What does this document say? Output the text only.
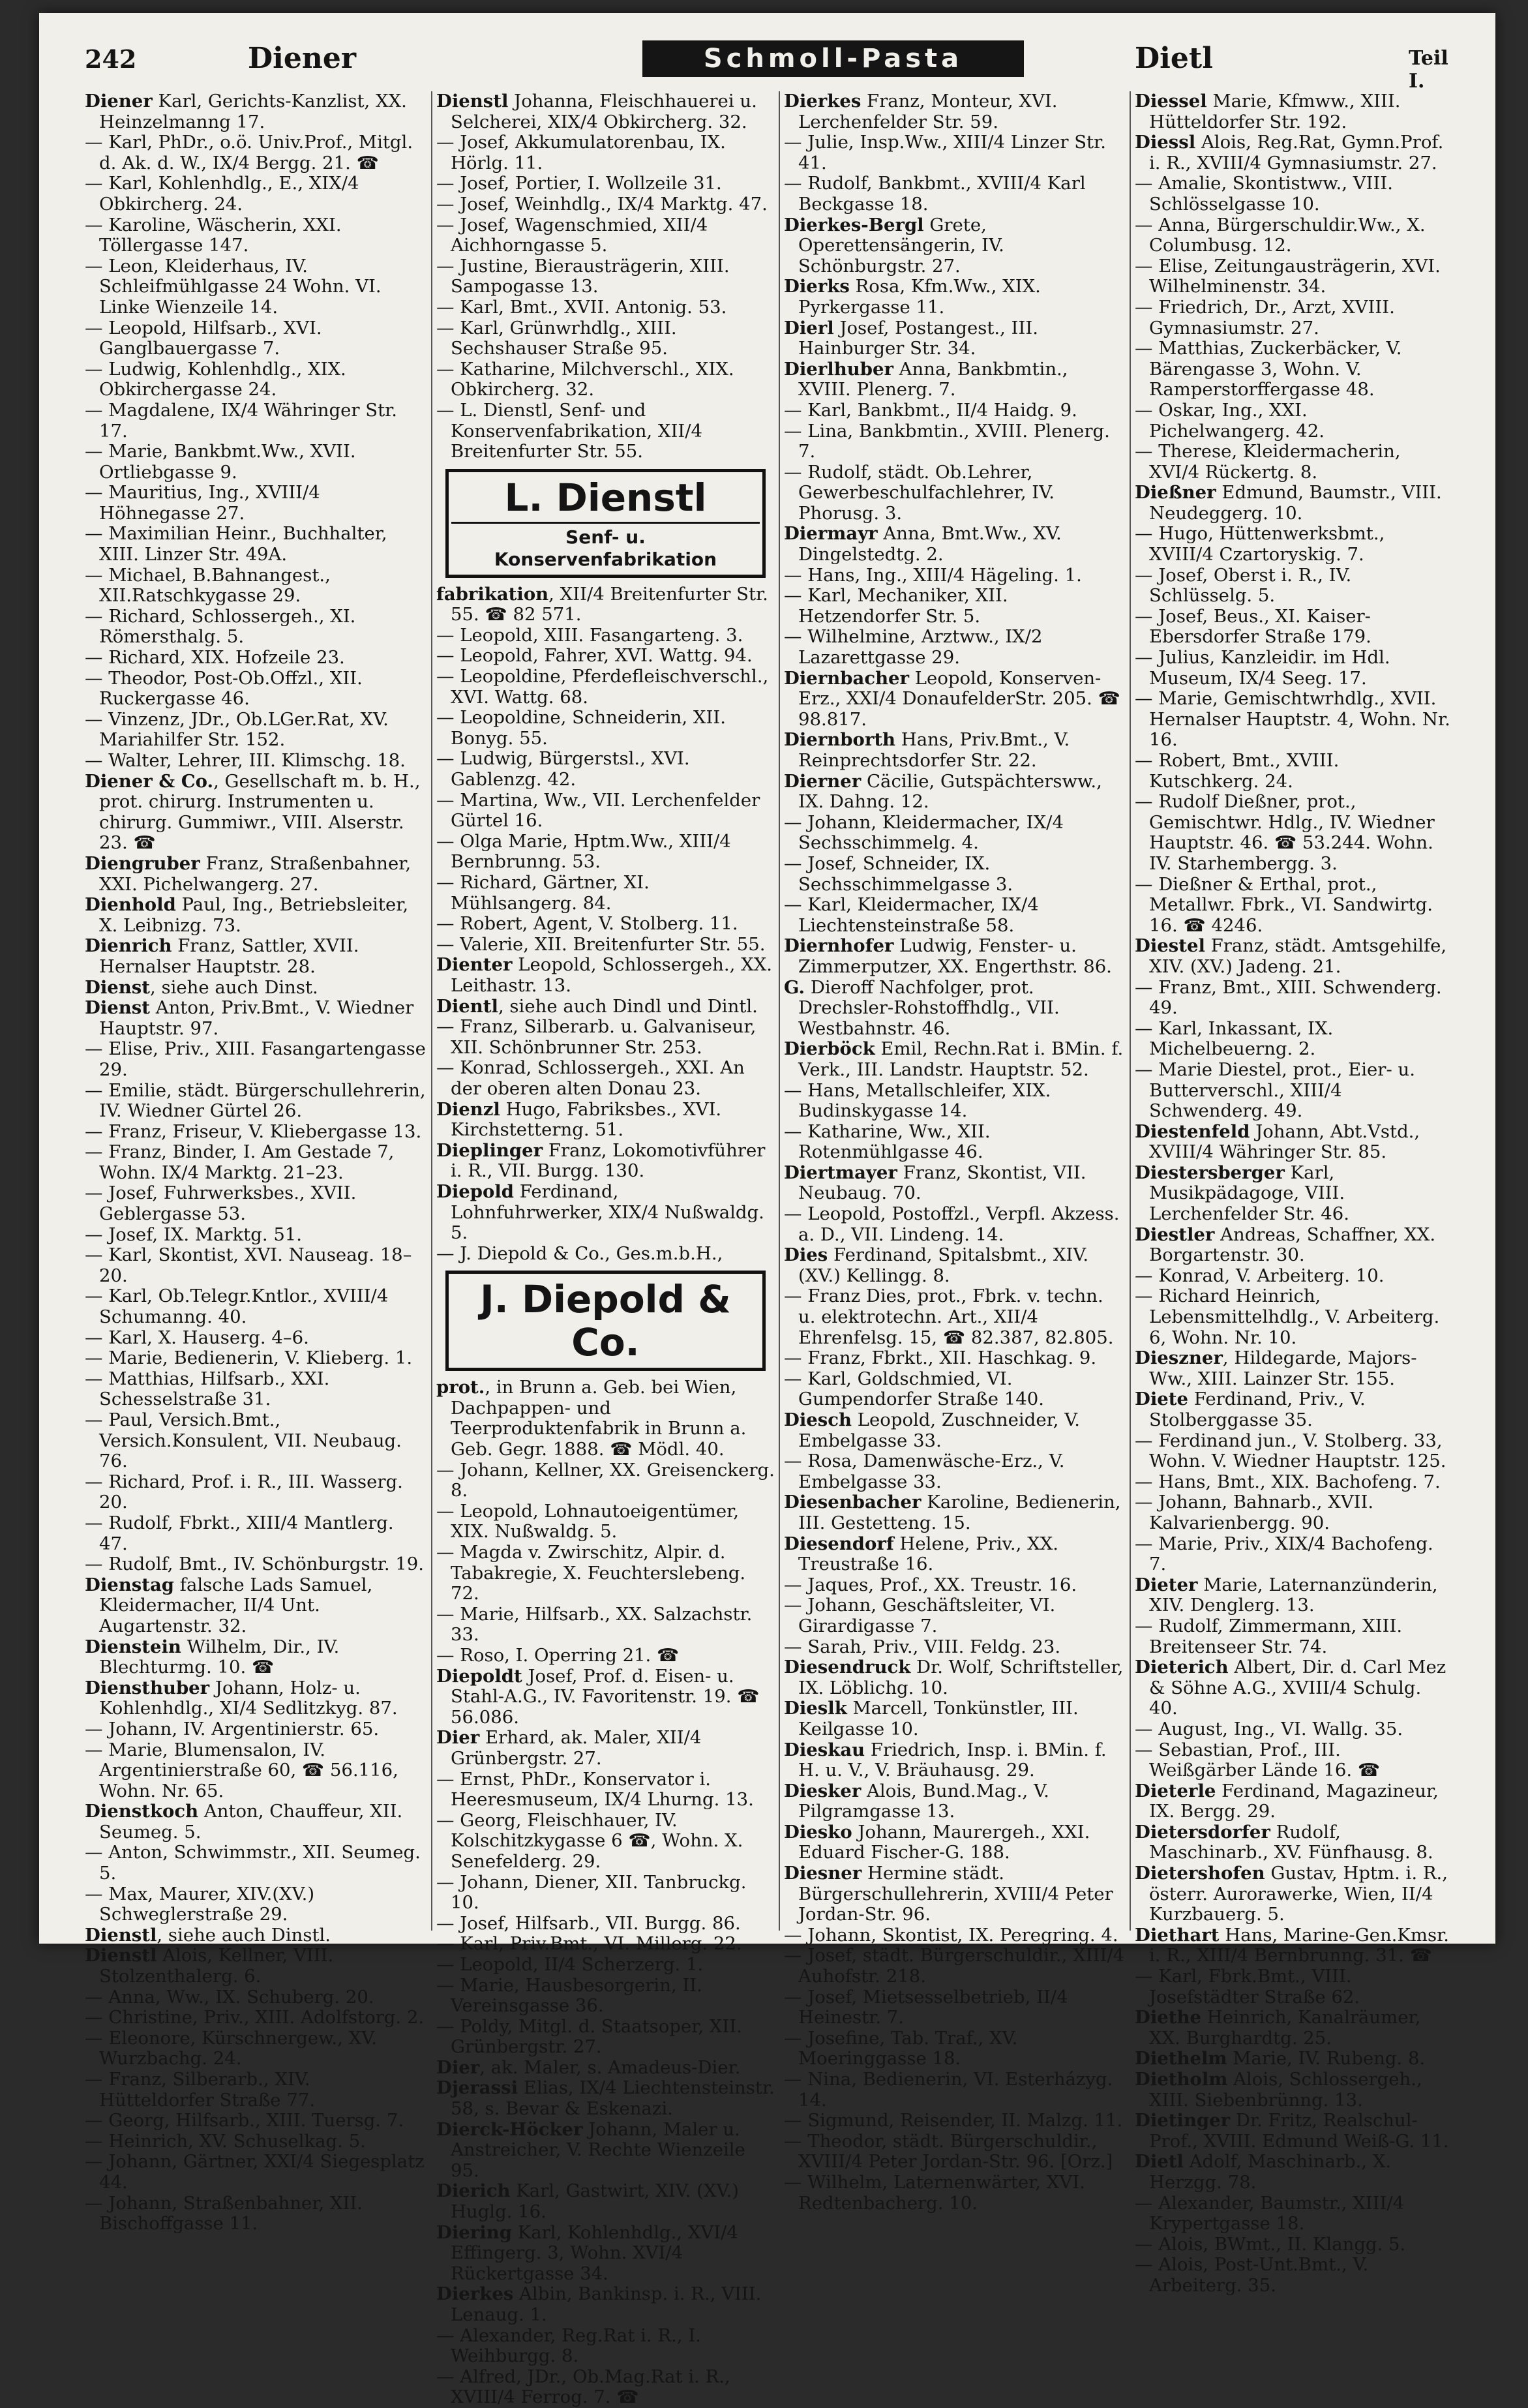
242	Diener	Schmoll-Pasta	Dietl	Teil I.

Diener Karl, Gerichts-Kanzlist, XX. Heinzelmanng 17.

— Karl, PhDr., o.ö. Univ.Prof., Mitgl. d. Ak. d. W., IX/4 Bergg. 21. ☎

— Karl, Kohlenhdlg., E., XIX/4 Obkircherg. 24.

— Karoline, Wäscherin, XXI. Töllergasse 147.

— Leon, Kleiderhaus, IV. Schleifmühlgasse 24 Wohn. VI. Linke Wienzeile 14.

— Leopold, Hilfsarb., XVI. Ganglbauergasse 7.

— Ludwig, Kohlenhdlg., XIX. Obkirchergasse 24.

— Magdalene, IX/4 Währinger Str. 17.

— Marie, Bankbmt.Ww., XVII. Ortliebgasse 9.

— Mauritius, Ing., XVIII/4 Höhnegasse 27.

— Maximilian Heinr., Buchhalter, XIII. Linzer Str. 49A.

— Michael, B.Bahnangest., XII.Ratschkygasse 29.

— Richard, Schlossergeh., XI. Römersthalg. 5.

— Richard, XIX. Hofzeile 23.

— Theodor, Post-Ob.Offzl., XII. Ruckergasse 46.

— Vinzenz, JDr., Ob.LGer.Rat, XV. Mariahilfer Str. 152.

— Walter, Lehrer, III. Klimschg. 18.

Diener & Co., Gesellschaft m. b. H., prot. chirurg. Instrumenten u. chirurg. Gummiwr., VIII. Alserstr. 23. ☎

Diengruber Franz, Straßenbahner, XXI. Pichelwangerg. 27.

Dienhold Paul, Ing., Betriebsleiter, X. Leibnizg. 73.

Dienrich Franz, Sattler, XVII. Hernalser Hauptstr. 28.

Dienst, siehe auch Dinst.

Dienst Anton, Priv.Bmt., V. Wiedner Hauptstr. 97.

— Elise, Priv., XIII. Fasangartengasse 29.

— Emilie, städt. Bürgerschullehrerin, IV. Wiedner Gürtel 26.

— Franz, Friseur, V. Kliebergasse 13.

— Franz, Binder, I. Am Gestade 7, Wohn. IX/4 Marktg. 21–23.

— Josef, Fuhrwerksbes., XVII. Geblergasse 53.

— Josef, IX. Marktg. 51.

— Karl, Skontist, XVI. Nauseag. 18–20.

— Karl, Ob.Telegr.Kntlor., XVIII/4 Schumanng. 40.

— Karl, X. Hauserg. 4–6.

— Marie, Bedienerin, V. Klieberg. 1.

— Matthias, Hilfsarb., XXI. Schesselstraße 31.

— Paul, Versich.Bmt., Versich.Konsulent, VII. Neubaug. 76.

— Richard, Prof. i. R., III. Wasserg. 20.

— Rudolf, Fbrkt., XIII/4 Mantlerg. 47.

— Rudolf, Bmt., IV. Schönburgstr. 19.

Dienstag falsche Lads Samuel, Kleidermacher, II/4 Unt. Augartenstr. 32.

Dienstein Wilhelm, Dir., IV. Blechturmg. 10. ☎

Diensthuber Johann, Holz- u. Kohlenhdlg., XI/4 Sedlitzkyg. 87.

— Johann, IV. Argentinierstr. 65.

— Marie, Blumensalon, IV. Argentinierstraße 60, ☎ 56.116, Wohn. Nr. 65.

Dienstkoch Anton, Chauffeur, XII. Seumeg. 5.

— Anton, Schwimmstr., XII. Seumeg. 5.

— Max, Maurer, XIV.(XV.) Schweglerstraße 29.

Dienstl, siehe auch Dinstl.

Dienstl Alois, Kellner, VIII. Stolzenthalerg. 6.

— Anna, Ww., IX. Schuberg. 20.

— Christine, Priv., XIII. Adolfstorg. 2.

— Eleonore, Kürschnergew., XV. Wurzbachg. 24.

— Franz, Silberarb., XIV. Hütteldorfer Straße 77.

— Georg, Hilfsarb., XIII. Tuersg. 7.

— Heinrich, XV. Schuselkag. 5.

— Johann, Gärtner, XXI/4 Siegesplatz 44.

— Johann, Straßenbahner, XII. Bischoffgasse 11.

Dienstl Johanna, Fleischhauerei u. Selcherei, XIX/4 Obkircherg. 32.

— Josef, Akkumulatorenbau, IX. Hörlg. 11.

— Josef, Portier, I. Wollzeile 31.

— Josef, Weinhdlg., IX/4 Marktg. 47.

— Josef, Wagenschmied, XII/4 Aichhorngasse 5.

— Justine, Bierausträgerin, XIII. Sampogasse 13.

— Karl, Bmt., XVII. Antonig. 53.

— Karl, Grünwrhdlg., XIII. Sechshauser Straße 95.

— Katharine, Milchverschl., XIX. Obkircherg. 32.

— L. Dienstl, Senf- und Konservenfabrikation, XII/4 Breitenfurter Str. 55.

L. Dienstl
Senf- u. Konservenfabrikation

fabrikation, XII/4 Breitenfurter Str. 55. ☎ 82 571.

— Leopold, XIII. Fasangarteng. 3.

— Leopold, Fahrer, XVI. Wattg. 94.

— Leopoldine, Pferdefleischverschl., XVI. Wattg. 68.

— Leopoldine, Schneiderin, XII. Bonyg. 55.

— Ludwig, Bürgerstsl., XVI. Gablenzg. 42.

— Martina, Ww., VII. Lerchenfelder Gürtel 16.

— Olga Marie, Hptm.Ww., XIII/4 Bernbrunng. 53.

— Richard, Gärtner, XI. Mühlsangerg. 84.

— Robert, Agent, V. Stolberg. 11.

— Valerie, XII. Breitenfurter Str. 55.

Dienter Leopold, Schlossergeh., XX. Leithastr. 13.

Dientl, siehe auch Dindl und Dintl.

— Franz, Silberarb. u. Galvaniseur, XII. Schönbrunner Str. 253.

— Konrad, Schlossergeh., XXI. An der oberen alten Donau 23.

Dienzl Hugo, Fabriksbes., XVI. Kirchstetterng. 51.

Dieplinger Franz, Lokomotivführer i. R., VII. Burgg. 130.

Diepold Ferdinand, Lohnfuhrwerker, XIX/4 Nußwaldg. 5.

— J. Diepold & Co., Ges.m.b.H.,

J. Diepold & Co.

prot., in Brunn a. Geb. bei Wien, Dachpappen- und Teerproduktenfabrik in Brunn a. Geb. Gegr. 1888. ☎ Mödl. 40.

— Johann, Kellner, XX. Greisenckerg. 8.

— Leopold, Lohnautoeigentümer, XIX. Nußwaldg. 5.

— Magda v. Zwirschitz, Alpir. d. Tabakregie, X. Feuchterslebeng. 72.

— Marie, Hilfsarb., XX. Salzachstr. 33.

— Roso, I. Operring 21. ☎

Diepoldt Josef, Prof. d. Eisen- u. Stahl-A.G., IV. Favoritenstr. 19. ☎ 56.086.

Dier Erhard, ak. Maler, XII/4 Grünbergstr. 27.

— Ernst, PhDr., Konservator i. Heeresmuseum, IX/4 Lhurng. 13.

— Georg, Fleischhauer, IV. Kolschitzkygasse 6 ☎, Wohn. X. Senefelderg. 29.

— Johann, Diener, XII. Tanbruckg. 10.

— Josef, Hilfsarb., VII. Burgg. 86.

— Karl, Priv.Bmt., VI. Millerg. 22.

— Leopold, II/4 Scherzerg. 1.

— Marie, Hausbesorgerin, II. Vereinsgasse 36.

— Poldy, Mitgl. d. Staatsoper, XII. Grünbergstr. 27.

Dier, ak. Maler, s. Amadeus-Dier.

Djerassi Elias, IX/4 Liechtensteinstr. 58, s. Bevar & Eskenazi.

Dierck-Höcker Johann, Maler u. Anstreicher, V. Rechte Wienzeile 95.

Dierich Karl, Gastwirt, XIV. (XV.) Huglg. 16.

Diering Karl, Kohlenhdlg., XVI/4 Effingerg. 3, Wohn. XVI/4 Rückertgasse 34.

Dierkes Albin, Bankinsp. i. R., VIII. Lenaug. 1.

— Alexander, Reg.Rat i. R., I. Weihburgg. 8.

— Alfred, JDr., Ob.Mag.Rat i. R., XVIII/4 Ferrog. 7. ☎

Dierkes Franz, Monteur, XVI. Lerchenfelder Str. 59.

— Julie, Insp.Ww., XIII/4 Linzer Str. 41.

— Rudolf, Bankbmt., XVIII/4 Karl Beckgasse 18.

Dierkes-Bergl Grete, Operettensängerin, IV. Schönburgstr. 27.

Dierks Rosa, Kfm.Ww., XIX. Pyrkergasse 11.

Dierl Josef, Postangest., III. Hainburger Str. 34.

Dierlhuber Anna, Bankbmtin., XVIII. Plenerg. 7.

— Karl, Bankbmt., II/4 Haidg. 9.

— Lina, Bankbmtin., XVIII. Plenerg. 7.

— Rudolf, städt. Ob.Lehrer, Gewerbeschulfachlehrer, IV. Phorusg. 3.

Diermayr Anna, Bmt.Ww., XV. Dingelstedtg. 2.

— Hans, Ing., XIII/4 Hägeling. 1.

— Karl, Mechaniker, XII. Hetzendorfer Str. 5.

— Wilhelmine, Arztww., IX/2 Lazarettgasse 29.

Diernbacher Leopold, Konserven-Erz., XXI/4 DonaufelderStr. 205. ☎ 98.817.

Diernborth Hans, Priv.Bmt., V. Reinprechtsdorfer Str. 22.

Dierner Cäcilie, Gutspächtersww., IX. Dahng. 12.

— Johann, Kleidermacher, IX/4 Sechsschimmelg. 4.

— Josef, Schneider, IX. Sechsschimmelgasse 3.

— Karl, Kleidermacher, IX/4 Liechtensteinstraße 58.

Diernhofer Ludwig, Fenster- u. Zimmerputzer, XX. Engerthstr. 86.

G. Dieroff Nachfolger, prot. Drechsler-Rohstoffhdlg., VII. Westbahnstr. 46.

Dierböck Emil, Rechn.Rat i. BMin. f. Verk., III. Landstr. Hauptstr. 52.

— Hans, Metallschleifer, XIX. Budinskygasse 14.

— Katharine, Ww., XII. Rotenmühlgasse 46.

Diertmayer Franz, Skontist, VII. Neubaug. 70.

— Leopold, Postoffzl., Verpfl. Akzess. a. D., VII. Lindeng. 14.

Dies Ferdinand, Spitalsbmt., XIV. (XV.) Kellingg. 8.

— Franz Dies, prot., Fbrk. v. techn. u. elektrotechn. Art., XII/4 Ehrenfelsg. 15, ☎ 82.387, 82.805.

— Franz, Fbrkt., XII. Haschkag. 9.

— Karl, Goldschmied, VI. Gumpendorfer Straße 140.

Diesch Leopold, Zuschneider, V. Embelgasse 33.

— Rosa, Damenwäsche-Erz., V. Embelgasse 33.

Diesenbacher Karoline, Bedienerin, III. Gestetteng. 15.

Diesendorf Helene, Priv., XX. Treustraße 16.

— Jaques, Prof., XX. Treustr. 16.

— Johann, Geschäftsleiter, VI. Girardigasse 7.

— Sarah, Priv., VIII. Feldg. 23.

Diesendruck Dr. Wolf, Schriftsteller, IX. Löblichg. 10.

Dieslk Marcell, Tonkünstler, III. Keilgasse 10.

Dieskau Friedrich, Insp. i. BMin. f. H. u. V., V. Bräuhausg. 29.

Diesker Alois, Bund.Mag., V. Pilgramgasse 13.

Diesko Johann, Maurergeh., XXI. Eduard Fischer-G. 188.

Diesner Hermine städt. Bürgerschullehrerin, XVIII/4 Peter Jordan-Str. 96.

— Johann, Skontist, IX. Peregring. 4.

— Josef, städt. Bürgerschuldir., XIII/4 Auhofstr. 218.

— Josef, Mietsesselbetrieb, II/4 Heinestr. 7.

— Josefine, Tab. Traf., XV. Moeringgasse 18.

— Nina, Bedienerin, VI. Esterházyg. 14.

— Sigmund, Reisender, II. Malzg. 11.

— Theodor, städt. Bürgerschuldir., XVIII/4 Peter Jordan-Str. 96. [Orz.]

— Wilhelm, Laternenwärter, XVI. Redtenbacherg. 10.

Diessel Marie, Kfmww., XIII. Hütteldorfer Str. 192.

Diessl Alois, Reg.Rat, Gymn.Prof. i. R., XVIII/4 Gymnasiumstr. 27.

— Amalie, Skontistww., VIII. Schlösselgasse 10.

— Anna, Bürgerschuldir.Ww., X. Columbusg. 12.

— Elise, Zeitungausträgerin, XVI. Wilhelminenstr. 34.

— Friedrich, Dr., Arzt, XVIII. Gymnasiumstr. 27.

— Matthias, Zuckerbäcker, V. Bärengasse 3, Wohn. V. Ramperstorffergasse 48.

— Oskar, Ing., XXI. Pichelwangerg. 42.

— Therese, Kleidermacherin, XVI/4 Rückertg. 8.

Dießner Edmund, Baumstr., VIII. Neudeggerg. 10.

— Hugo, Hüttenwerksbmt., XVIII/4 Czartoryskig. 7.

— Josef, Oberst i. R., IV. Schlüsselg. 5.

— Josef, Beus., XI. Kaiser-Ebersdorfer Straße 179.

— Julius, Kanzleidir. im Hdl. Museum, IX/4 Seeg. 17.

— Marie, Gemischtwrhdlg., XVII. Hernalser Hauptstr. 4, Wohn. Nr. 16.

— Robert, Bmt., XVIII. Kutschkerg. 24.

— Rudolf Dießner, prot., Gemischtwr. Hdlg., IV. Wiedner Hauptstr. 46. ☎ 53.244. Wohn. IV. Starhembergg. 3.

— Dießner & Erthal, prot., Metallwr. Fbrk., VI. Sandwirtg. 16. ☎ 4246.

Diestel Franz, städt. Amtsgehilfe, XIV. (XV.) Jadeng. 21.

— Franz, Bmt., XIII. Schwenderg. 49.

— Karl, Inkassant, IX. Michelbeuerng. 2.

— Marie Diestel, prot., Eier- u. Butterverschl., XIII/4 Schwenderg. 49.

Diestenfeld Johann, Abt.Vstd., XVIII/4 Währinger Str. 85.

Diestersberger Karl, Musikpädagoge, VIII. Lerchenfelder Str. 46.

Diestler Andreas, Schaffner, XX. Borgartenstr. 30.

— Konrad, V. Arbeiterg. 10.

— Richard Heinrich, Lebensmittelhdlg., V. Arbeiterg. 6, Wohn. Nr. 10.

Dieszner, Hildegarde, Majors-Ww., XIII. Lainzer Str. 155.

Diete Ferdinand, Priv., V. Stolberggasse 35.

— Ferdinand jun., V. Stolberg. 33, Wohn. V. Wiedner Hauptstr. 125.

— Hans, Bmt., XIX. Bachofeng. 7.

— Johann, Bahnarb., XVII. Kalvarienbergg. 90.

— Marie, Priv., XIX/4 Bachofeng. 7.

Dieter Marie, Laternanzünderin, XIV. Denglerg. 13.

— Rudolf, Zimmermann, XIII. Breitenseer Str. 74.

Dieterich Albert, Dir. d. Carl Mez & Söhne A.G., XVIII/4 Schulg. 40.

— August, Ing., VI. Wallg. 35.

— Sebastian, Prof., III. Weißgärber Lände 16. ☎

Dieterle Ferdinand, Magazineur, IX. Bergg. 29.

Dietersdorfer Rudolf, Maschinarb., XV. Fünfhausg. 8.

Dietershofen Gustav, Hptm. i. R., österr. Aurorawerke, Wien, II/4 Kurzbauerg. 5.

Diethart Hans, Marine-Gen.Kmsr. i. R., XIII/4 Bernbrunng. 31. ☎

— Karl, Fbrk.Bmt., VIII. Josefstädter Straße 62.

Diethe Heinrich, Kanalräumer, XX. Burghardtg. 25.

Diethelm Marie, IV. Rubeng. 8.

Dietholm Alois, Schlossergeh., XIII. Siebenbrünng. 13.

Dietinger Dr. Fritz, Realschul-Prof., XVIII. Edmund Weiß-G. 11.

Dietl Adolf, Maschinarb., X. Herzgg. 78.

— Alexander, Baumstr., XIII/4 Krypertgasse 18.

— Alois, BWmt., II. Klangg. 5.

— Alois, Post-Unt.Bmt., V. Arbeiterg. 35.
